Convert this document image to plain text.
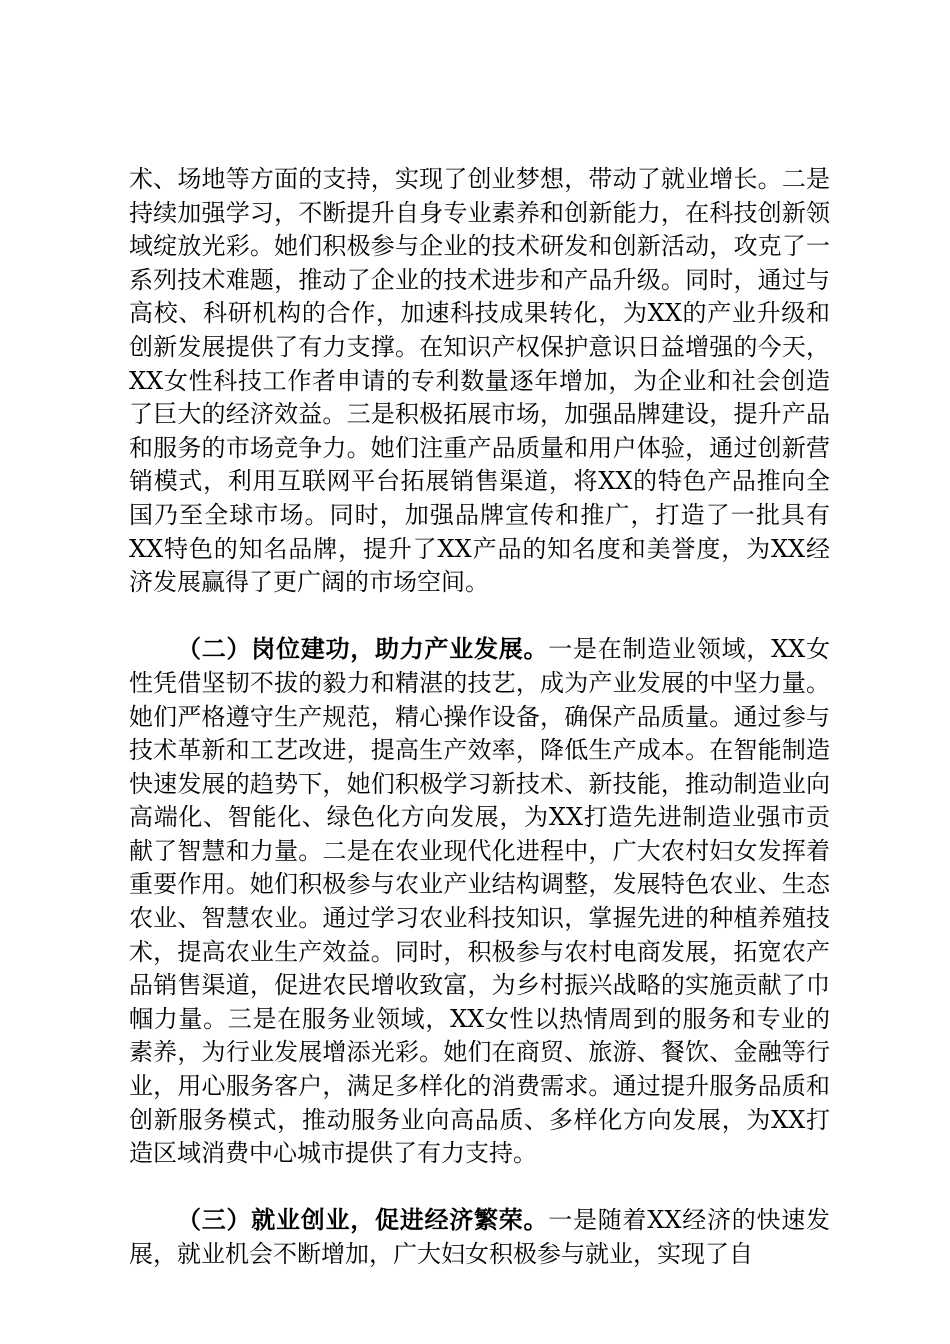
术、场地等方面的支持，实现了创业梦想，带动了就业增长。二是持续加强学习，不断提升自身专业素养和创新能力，在科技创新领域绽放光彩。她们积极参与企业的技术研发和创新活动，攻克了一系列技术难题，推动了企业的技术进步和产品升级。同时，通过与高校、科研机构的合作，加速科技成果转化，为XX的产业升级和创新发展提供了有力支撑。在知识产权保护意识日益增强的今天，XX女性科技工作者申请的专利数量逐年增加，为企业和社会创造了巨大的经济效益。三是积极拓展市场，加强品牌建设，提升产品和服务的市场竞争力。她们注重产品质量和用户体验，通过创新营销模式，利用互联网平台拓展销售渠道，将XX的特色产品推向全国乃至全球市场。同时，加强品牌宣传和推广，打造了一批具有XX特色的知名品牌，提升了XX产品的知名度和美誉度，为XX经济发展赢得了更广阔的市场空间。

（二）岗位建功，助力产业发展。一是在制造业领域，XX女性凭借坚韧不拔的毅力和精湛的技艺，成为产业发展的中坚力量。她们严格遵守生产规范，精心操作设备，确保产品质量。通过参与技术革新和工艺改进，提高生产效率，降低生产成本。在智能制造快速发展的趋势下，她们积极学习新技术、新技能，推动制造业向高端化、智能化、绿色化方向发展，为XX打造先进制造业强市贡献了智慧和力量。二是在农业现代化进程中，广大农村妇女发挥着重要作用。她们积极参与农业产业结构调整，发展特色农业、生态农业、智慧农业。通过学习农业科技知识，掌握先进的种植养殖技术，提高农业生产效益。同时，积极参与农村电商发展，拓宽农产品销售渠道，促进农民增收致富，为乡村振兴战略的实施贡献了巾帼力量。三是在服务业领域，XX女性以热情周到的服务和专业的素养，为行业发展增添光彩。她们在商贸、旅游、餐饮、金融等行业，用心服务客户，满足多样化的消费需求。通过提升服务品质和创新服务模式，推动服务业向高品质、多样化方向发展，为XX打造区域消费中心城市提供了有力支持。

（三）就业创业，促进经济繁荣。一是随着XX经济的快速发展，就业机会不断增加，广大妇女积极参与就业，实现了自
